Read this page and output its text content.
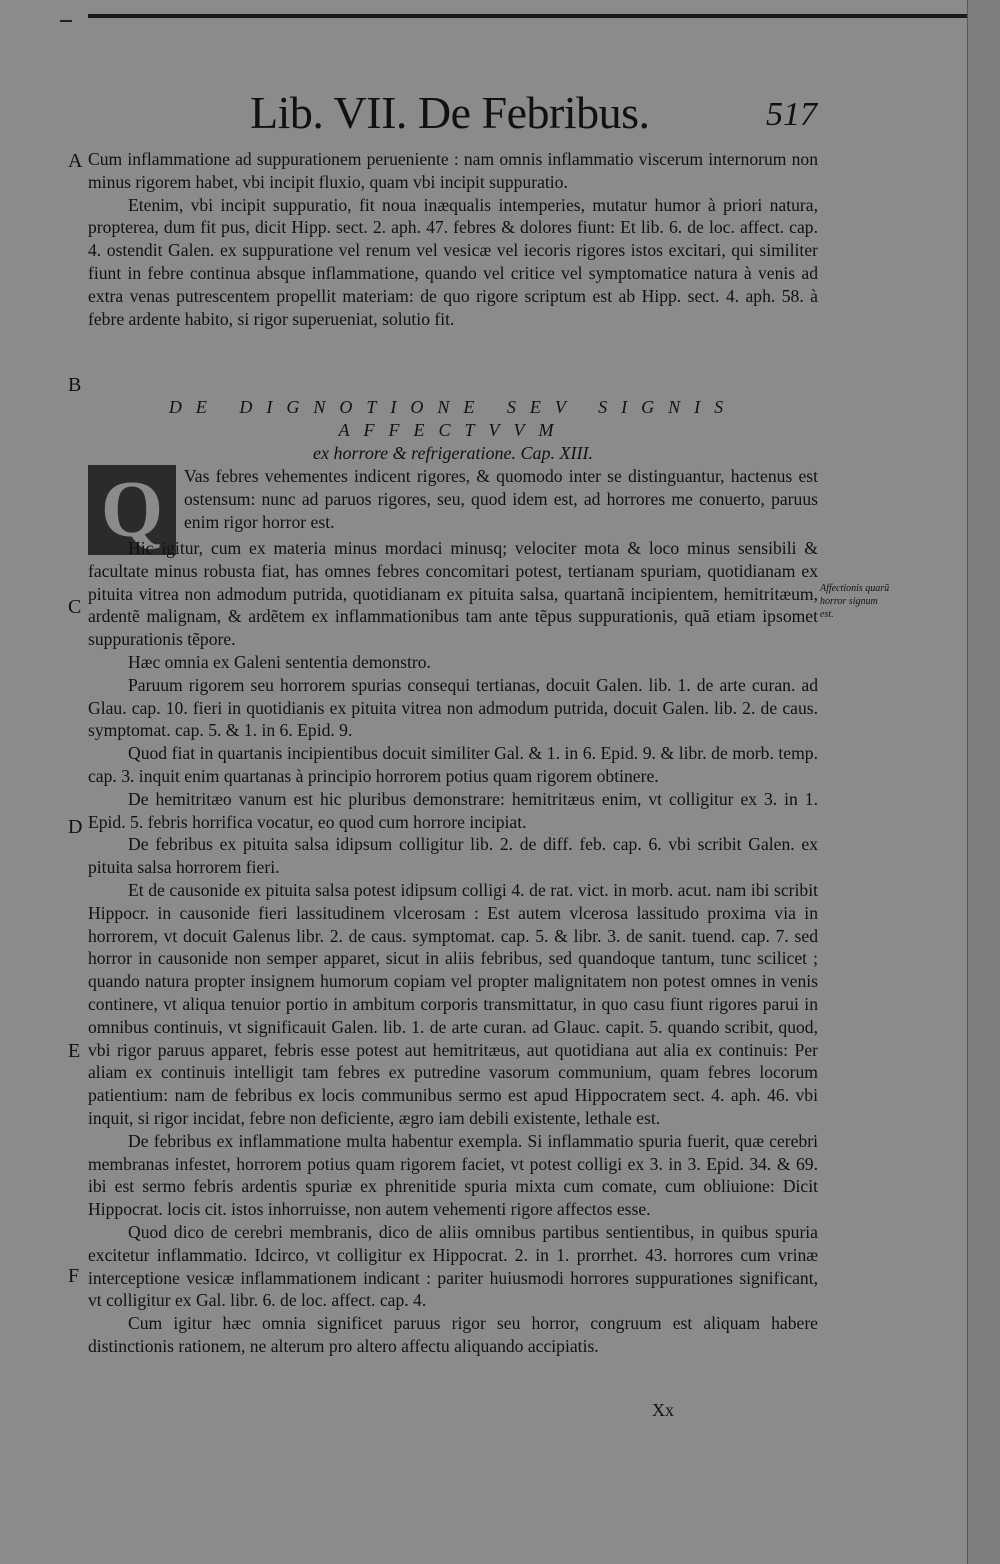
Lib. VII. De Febribus.	517
A
B
C
D
E
F

Cum inflammatione ad suppurationem perueniente : nam omnis inflammatio viscerum internorum non minus rigorem habet, vbi incipit fluxio, quam vbi incipit suppuratio.

Etenim, vbi incipit suppuratio, fit noua inæqualis intemperies, mutatur humor à priori natura, propterea, dum fit pus, dicit Hipp. sect. 2. aph. 47. febres & dolores fiunt: Et lib. 6. de loc. affect. cap. 4. ostendit Galen. ex suppuratione vel renum vel vesicæ vel iecoris rigores istos excitari, qui similiter fiunt in febre continua absque inflammatione, quando vel critice vel symptomatice natura à venis ad extra venas putrescentem propellit materiam: de quo rigore scriptum est ab Hipp. sect. 4. aph. 58. à febre ardente habito, si rigor superueniat, solutio fit.

DE DIGNOTIONE SEV SIGNIS AFFECTVVM
ex horrore & refrigeratione. Cap. XIII.
Q	Vas febres vehementes indicent rigores, & quomodo inter se distinguantur, hactenus est ostensum: nunc ad paruos rigores, seu, quod idem est, ad horrores me conuerto, paruus enim rigor horror est.

Hic igitur, cum ex materia minus mordaci minusq; velociter mota & loco minus sensibili & facultate minus robusta fiat, has omnes febres concomitari potest, tertianam spuriam, quotidianam ex pituita vitrea non admodum putrida, quotidianam ex pituita salsa, quartanã incipientem, hemitritæum, ardentẽ malignam, & ardẽtem ex inflammationibus tam ante tẽpus suppurationis, quã etiam ipsomet suppurationis tẽpore.

Hæc omnia ex Galeni sententia demonstro.

Paruum rigorem seu horrorem spurias consequi tertianas, docuit Galen. lib. 1. de arte curan. ad Glau. cap. 10. fieri in quotidianis ex pituita vitrea non admodum putrida, docuit Galen. lib. 2. de caus. symptomat. cap. 5. & 1. in 6. Epid. 9.

Quod fiat in quartanis incipientibus docuit similiter Gal. & 1. in 6. Epid. 9. & libr. de morb. temp. cap. 3. inquit enim quartanas à principio horrorem potius quam rigorem obtinere.

De hemitritæo vanum est hic pluribus demonstrare: hemitritæus enim, vt colligitur ex 3. in 1. Epid. 5. febris horrifica vocatur, eo quod cum horrore incipiat.

De febribus ex pituita salsa idipsum colligitur lib. 2. de diff. feb. cap. 6. vbi scribit Galen. ex pituita salsa horrorem fieri.

Et de causonide ex pituita salsa potest idipsum colligi 4. de rat. vict. in morb. acut. nam ibi scribit Hippocr. in causonide fieri lassitudinem vlcerosam : Est autem vlcerosa lassitudo proxima via in horrorem, vt docuit Galenus libr. 2. de caus. symptomat. cap. 5. & libr. 3. de sanit. tuend. cap. 7. sed horror in causonide non semper apparet, sicut in aliis febribus, sed quandoque tantum, tunc scilicet ; quando natura propter insignem humorum copiam vel propter malignitatem non potest omnes in venis continere, vt aliqua tenuior portio in ambitum corporis transmittatur, in quo casu fiunt rigores parui in omnibus continuis, vt significauit Galen. lib. 1. de arte curan. ad Glauc. capit. 5. quando scribit, quod, vbi rigor paruus apparet, febris esse potest aut hemitritæus, aut quotidiana aut alia ex continuis: Per aliam ex continuis intelligit tam febres ex putredine vasorum communium, quam febres locorum patientium: nam de febribus ex locis communibus sermo est apud Hippocratem sect. 4. aph. 46. vbi inquit, si rigor incidat, febre non deficiente, ægro iam debili existente, lethale est.

De febribus ex inflammatione multa habentur exempla. Si inflammatio spuria fuerit, quæ cerebri membranas infestet, horrorem potius quam rigorem faciet, vt potest colligi ex 3. in 3. Epid. 34. & 69. ibi est sermo febris ardentis spuriæ ex phrenitide spuria mixta cum comate, cum obliuione: Dicit Hippocrat. locis cit. istos inhorruisse, non autem vehementi rigore affectos esse.

Quod dico de cerebri membranis, dico de aliis omnibus partibus sentientibus, in quibus spuria excitetur inflammatio. Idcirco, vt colligitur ex Hippocrat. 2. in 1. prorrhet. 43. horrores cum vrinæ interceptione vesicæ inflammationem indicant : pariter huiusmodi horrores suppurationes significant, vt colligitur ex Gal. libr. 6. de loc. affect. cap. 4.

Cum igitur hæc omnia significet paruus rigor seu horror, congruum est aliquam habere distinctionis rationem, ne alterum pro altero affectu aliquando accipiatis.

Affectionis quarũ horror signum est.
Xx
